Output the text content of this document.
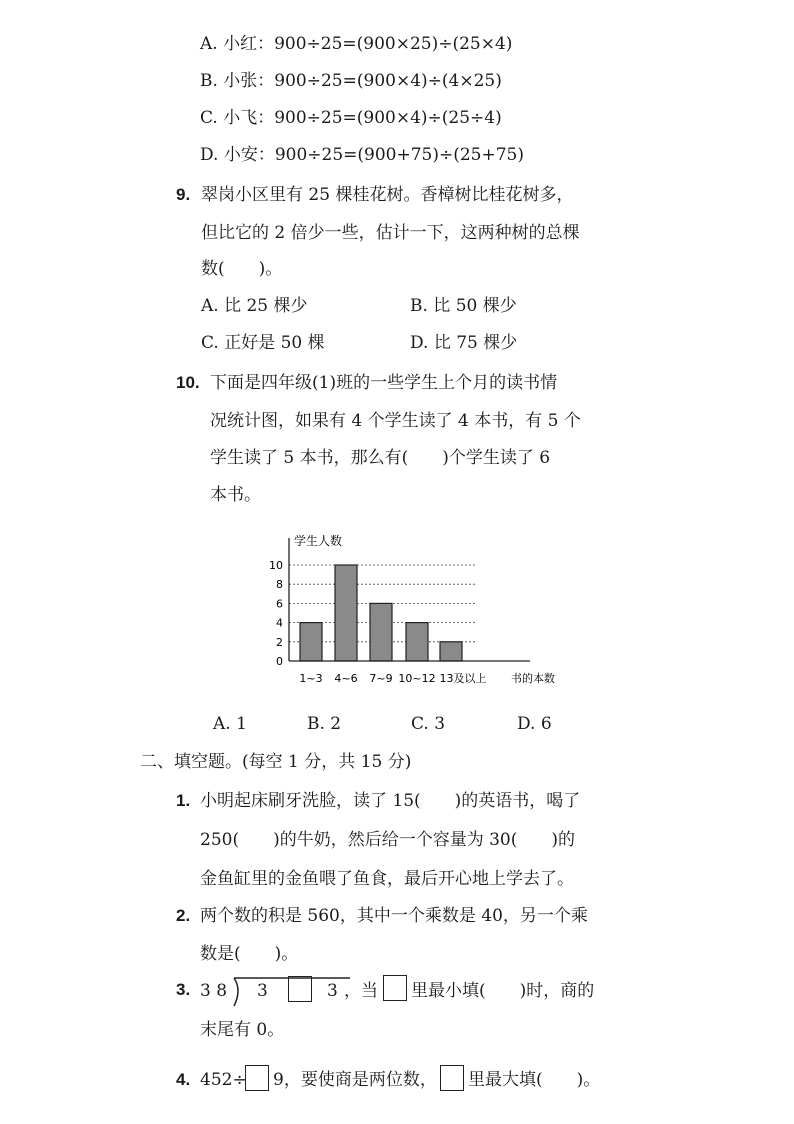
A. 小红：900÷25=(900×25)÷(25×4)
B. 小张：900÷25=(900×4)÷(4×25)
C. 小飞：900÷25=(900×4)÷(25÷4)
D. 小安：900÷25=(900+75)÷(25+75)
9. 翠岗小区里有 25 棵桂花树。香樟树比桂花树多，
但比它的 2 倍少一些，估计一下，这两种树的总棵
数(　　)。
A. 比 25 棵少	B. 比 50 棵少
C. 正好是 50 棵	D. 比 75 棵少
10. 下面是四年级(1)班的一些学生上个月的读书情
况统计图，如果有 4 个学生读了 4 本书，有 5 个
学生读了 5 本书，那么有(　　)个学生读了 6
本书。
学生人数
书的本数
0
2
4
6
8
10
1~3 4~6 7~9 10~12 13及以上
A. 1	B. 2	C. 3	D. 6
二、填空题。(每空 1 分，共 15 分)
1. 小明起床刷牙洗脸，读了 15(　　)的英语书，喝了
250(　　)的牛奶，然后给一个容量为 30(　　)的
金鱼缸里的金鱼喂了鱼食，最后开心地上学去了。
2. 两个数的积是 560，其中一个乘数是 40，另一个乘
数是(　　)。
3. 3 8 3	3 ，当 里最小填(　　)时，商的
末尾有 0。
4. 452÷ 9，要使商是两位数， 里最大填(　　)。
